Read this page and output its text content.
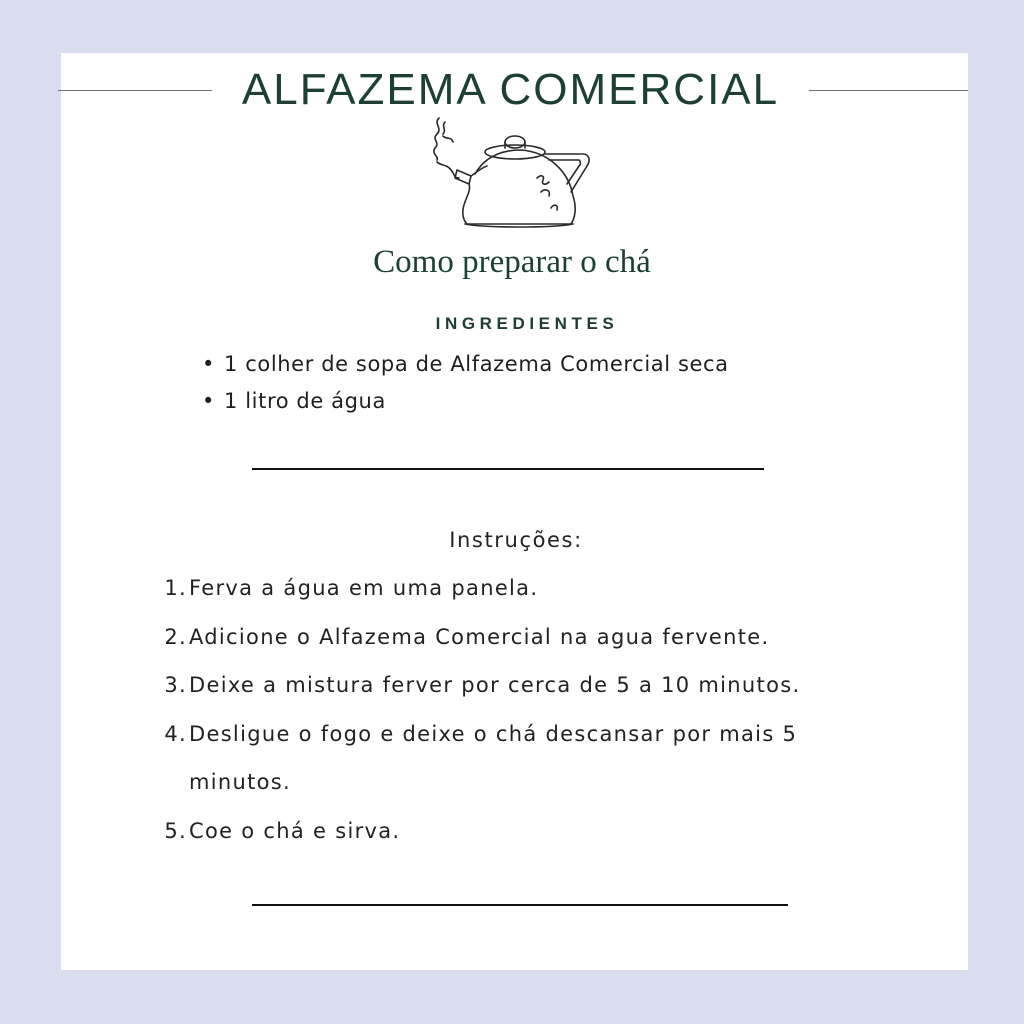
ALFAZEMA COMERCIAL
Como preparar o chá
INGREDIENTES
• 1 colher de sopa de Alfazema Comercial seca
• 1 litro de água
Instruções:
1. Ferva a água em uma panela.
2. Adicione o Alfazema Comercial na agua fervente.
3. Deixe a mistura ferver por cerca de 5 a 10 minutos.
4. Desligue o fogo e deixe o chá descansar por mais 5 minutos.
5. Coe o chá e sirva.
